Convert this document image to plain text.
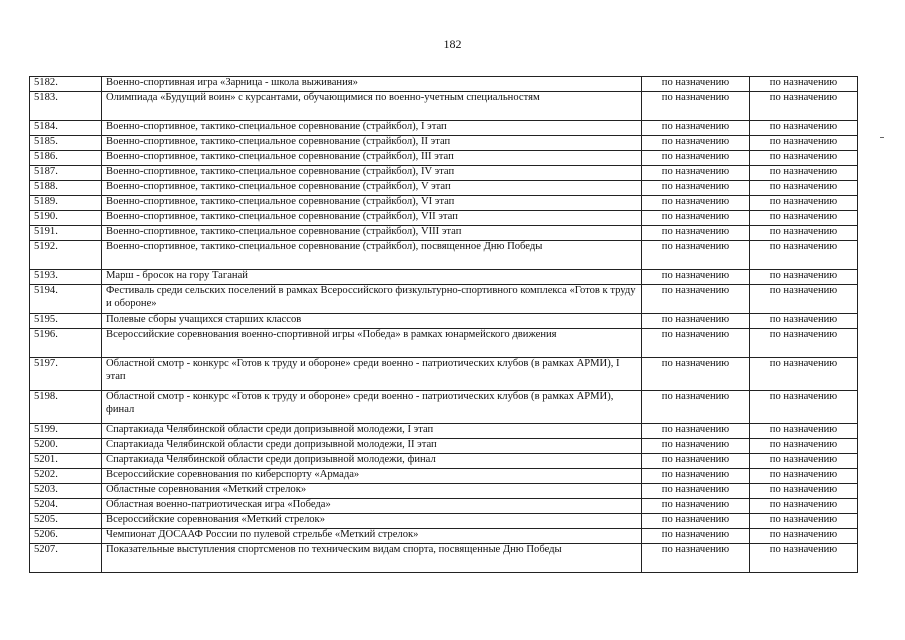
182
5182.	Военно-спортивная игра «Зарница - школа выживания»	по назначению	по назначению
5183.	Олимпиада «Будущий воин» с курсантами, обучающимися по военно-учетным специальностям	по назначению	по назначению
5184.	Военно-спортивное, тактико-специальное соревнование (страйкбол), I этап	по назначению	по назначению
5185.	Военно-спортивное, тактико-специальное соревнование (страйкбол), II этап	по назначению	по назначению
5186.	Военно-спортивное, тактико-специальное соревнование (страйкбол), III этап	по назначению	по назначению
5187.	Военно-спортивное, тактико-специальное соревнование (страйкбол), IV этап	по назначению	по назначению
5188.	Военно-спортивное, тактико-специальное соревнование (страйкбол), V этап	по назначению	по назначению
5189.	Военно-спортивное, тактико-специальное соревнование (страйкбол), VI этап	по назначению	по назначению
5190.	Военно-спортивное, тактико-специальное соревнование (страйкбол), VII этап	по назначению	по назначению
5191.	Военно-спортивное, тактико-специальное соревнование (страйкбол), VIII этап	по назначению	по назначению
5192.	Военно-спортивное, тактико-специальное соревнование (страйкбол), посвященное Дню Победы	по назначению	по назначению
5193.	Марш - бросок на гору Таганай	по назначению	по назначению
5194.	Фестиваль среди сельских поселений в рамках Всероссийского физкультурно-спортивного комплекса «Готов к труду и обороне»	по назначению	по назначению
5195.	Полевые сборы учащихся старших классов	по назначению	по назначению
5196.	Всероссийские соревнования военно-спортивной игры «Победа» в рамках юнармейского движения	по назначению	по назначению
5197.	Областной смотр - конкурс «Готов к труду и обороне» среди военно - патриотических клубов (в рамках АРМИ), I этап	по назначению	по назначению
5198.	Областной смотр - конкурс «Готов к труду и обороне» среди военно - патриотических клубов (в рамках АРМИ), финал	по назначению	по назначению
5199.	Спартакиада Челябинской области среди допризывной молодежи, I этап	по назначению	по назначению
5200.	Спартакиада Челябинской области среди допризывной молодежи, II этап	по назначению	по назначению
5201.	Спартакиада Челябинской области среди допризывной молодежи, финал	по назначению	по назначению
5202.	Всероссийские соревнования по киберспорту «Армада»	по назначению	по назначению
5203.	Областные соревнования «Меткий стрелок»	по назначению	по назначению
5204.	Областная военно-патриотическая игра «Победа»	по назначению	по назначению
5205.	Всероссийские соревнования «Меткий стрелок»	по назначению	по назначению
5206.	Чемпионат ДОСААФ России по пулевой стрельбе «Меткий стрелок»	по назначению	по назначению
5207.	Показательные выступления спортсменов по техническим видам спорта, посвященные Дню Победы	по назначению	по назначению
